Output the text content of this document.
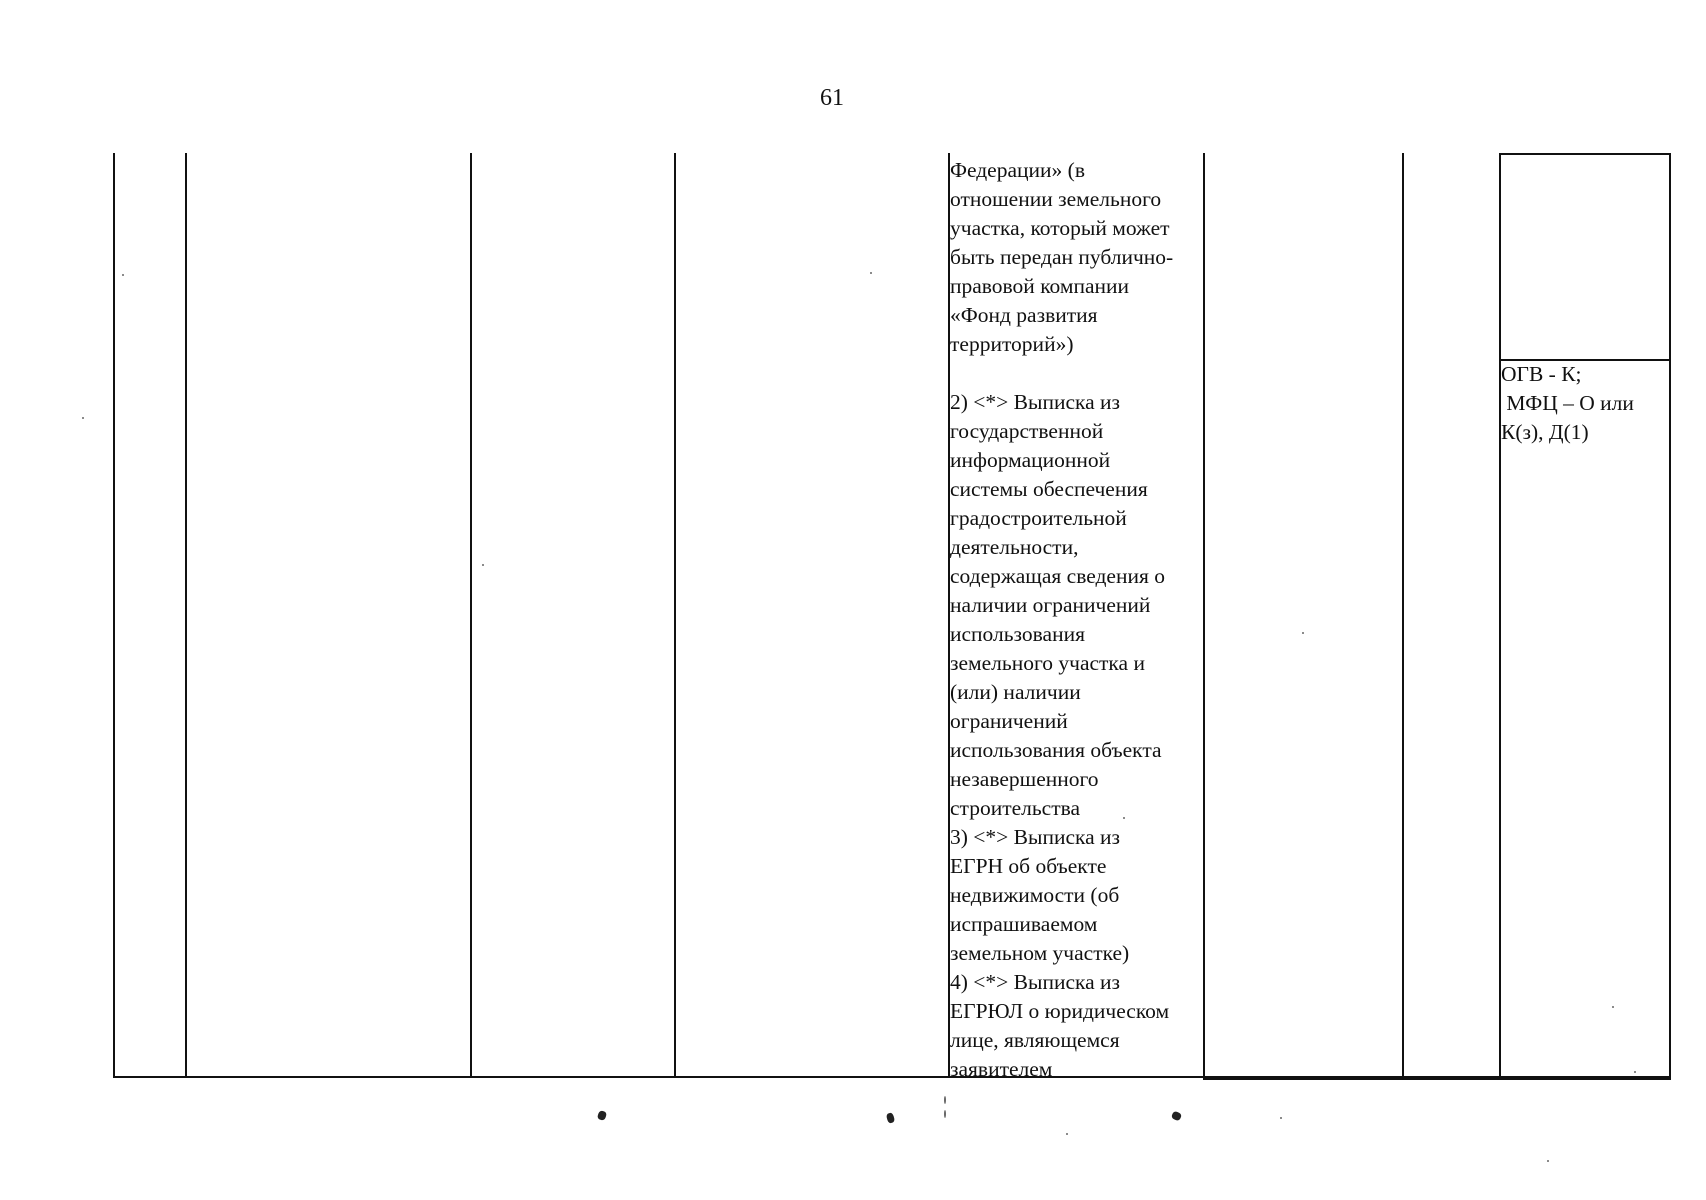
61
Федерации» (в
отношении земельного
участка, который может
быть передан публично-
правовой компании
«Фонд развития
территорий»)

2) <*> Выписка из
государственной
информационной
системы обеспечения
градостроительной
деятельности,
содержащая сведения о
наличии ограничений
использования
земельного участка и
(или) наличии
ограничений
использования объекта
незавершенного
строительства
3) <*> Выписка из
ЕГРН об объекте
недвижимости (об
испрашиваемом
земельном участке)
4) <*> Выписка из
ЕГРЮЛ о юридическом
лице, являющемся
заявителем
ОГВ - К;
МФЦ – О или
К(з), Д(1)
